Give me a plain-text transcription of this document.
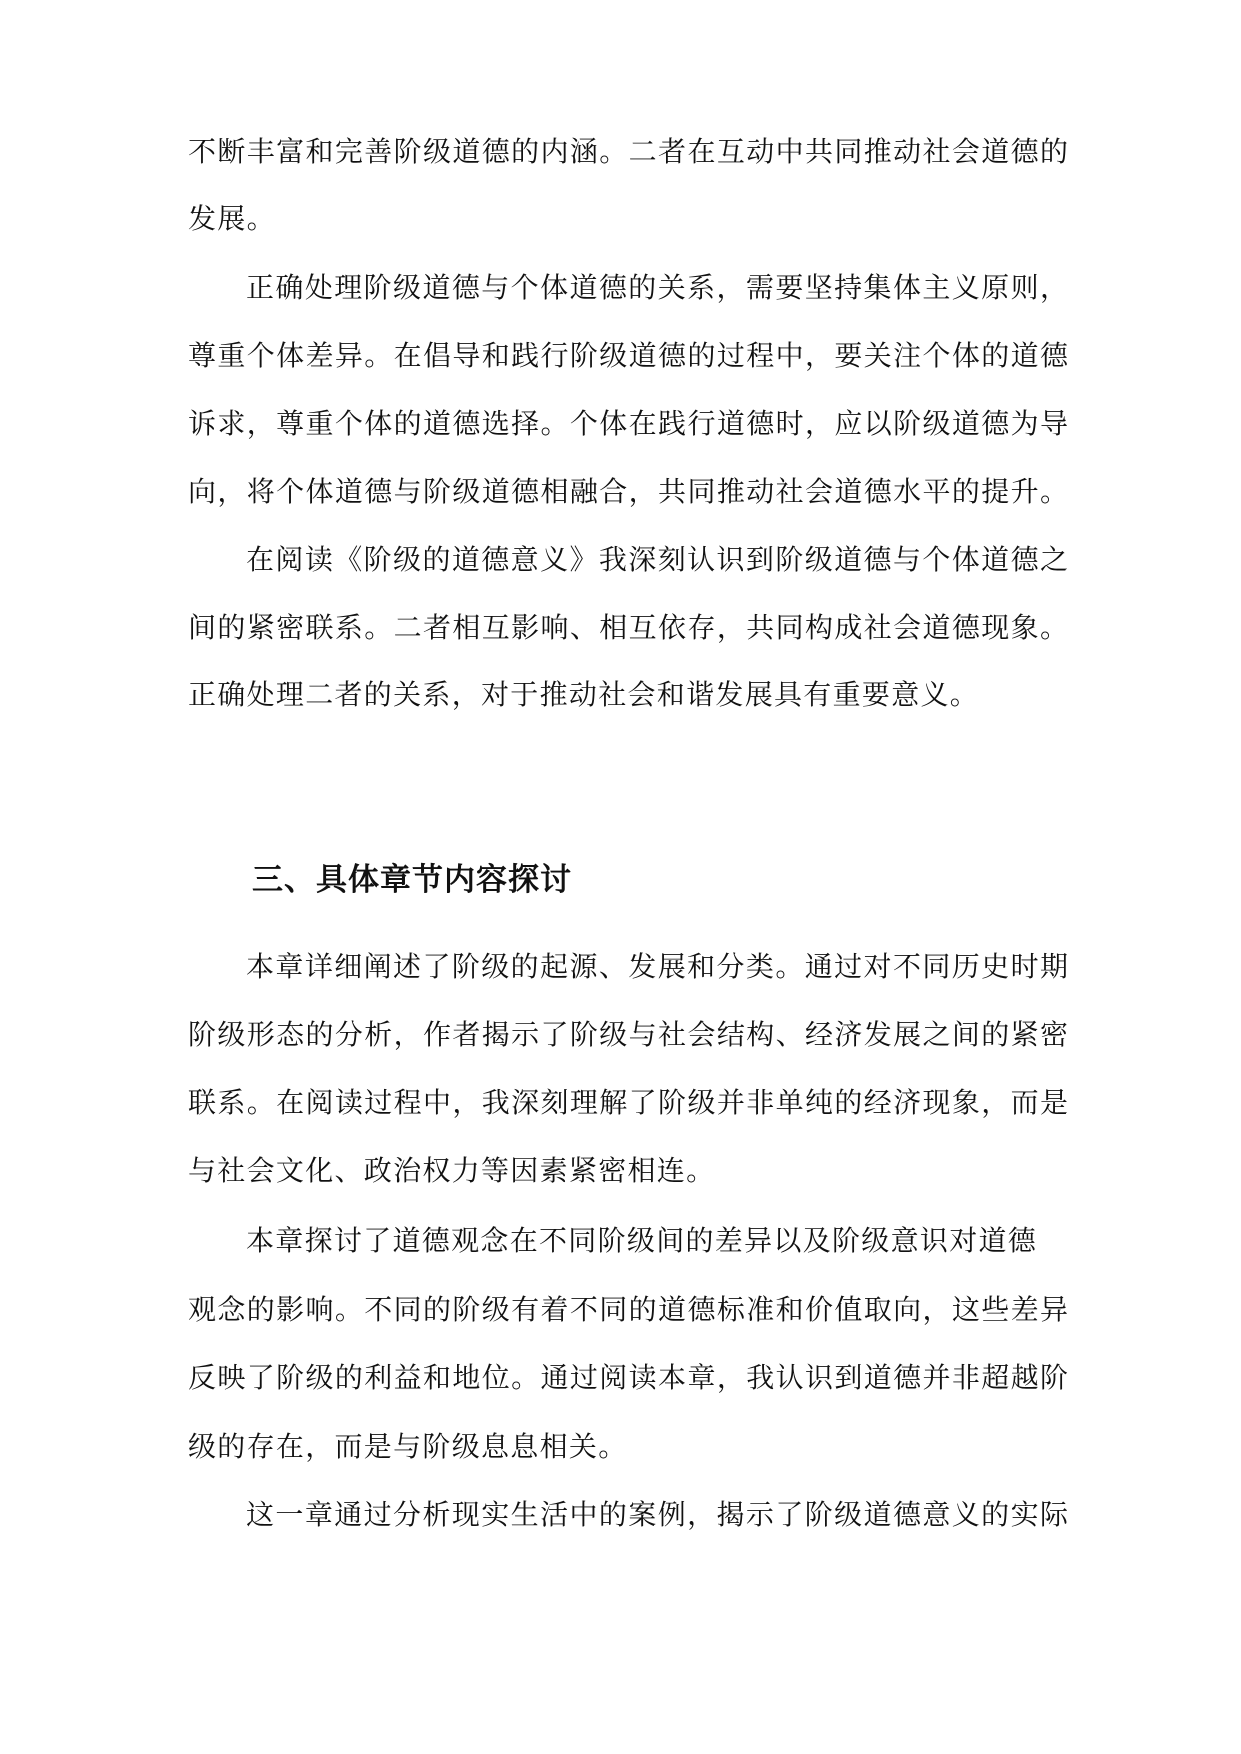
不断丰富和完善阶级道德的内涵。二者在互动中共同推动社会道德的
发展。
正确处理阶级道德与个体道德的关系，需要坚持集体主义原则，
尊重个体差异。在倡导和践行阶级道德的过程中，要关注个体的道德
诉求，尊重个体的道德选择。个体在践行道德时，应以阶级道德为导
向，将个体道德与阶级道德相融合，共同推动社会道德水平的提升。
在阅读《阶级的道德意义》我深刻认识到阶级道德与个体道德之
间的紧密联系。二者相互影响、相互依存，共同构成社会道德现象。
正确处理二者的关系，对于推动社会和谐发展具有重要意义。
三、具体章节内容探讨
本章详细阐述了阶级的起源、发展和分类。通过对不同历史时期
阶级形态的分析，作者揭示了阶级与社会结构、经济发展之间的紧密
联系。在阅读过程中，我深刻理解了阶级并非单纯的经济现象，而是
与社会文化、政治权力等因素紧密相连。
本章探讨了道德观念在不同阶级间的差异以及阶级意识对道德
观念的影响。不同的阶级有着不同的道德标准和价值取向，这些差异
反映了阶级的利益和地位。通过阅读本章，我认识到道德并非超越阶
级的存在，而是与阶级息息相关。
这一章通过分析现实生活中的案例，揭示了阶级道德意义的实际
